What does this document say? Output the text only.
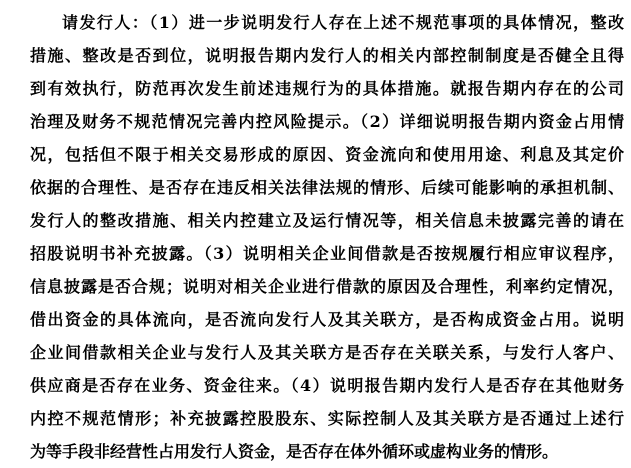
请发行人：（1）进一步说明发行人存在上述不规范事项的具体情况，整改
措施、整改是否到位，说明报告期内发行人的相关内部控制制度是否健全且得
到有效执行，防范再次发生前述违规行为的具体措施。就报告期内存在的公司
治理及财务不规范情况完善内控风险提示。（2）详细说明报告期内资金占用情
况，包括但不限于相关交易形成的原因、资金流向和使用用途、利息及其定价
依据的合理性、是否存在违反相关法律法规的情形、后续可能影响的承担机制、
发行人的整改措施、相关内控建立及运行情况等，相关信息未披露完善的请在
招股说明书补充披露。（3）说明相关企业间借款是否按规履行相应审议程序，
信息披露是否合规；说明对相关企业进行借款的原因及合理性，利率约定情况，
借出资金的具体流向，是否流向发行人及其关联方，是否构成资金占用。说明
企业间借款相关企业与发行人及其关联方是否存在关联关系，与发行人客户、
供应商是否存在业务、资金往来。（4）说明报告期内发行人是否存在其他财务
内控不规范情形；补充披露控股股东、实际控制人及其关联方是否通过上述行
为等手段非经营性占用发行人资金，是否存在体外循环或虚构业务的情形。
